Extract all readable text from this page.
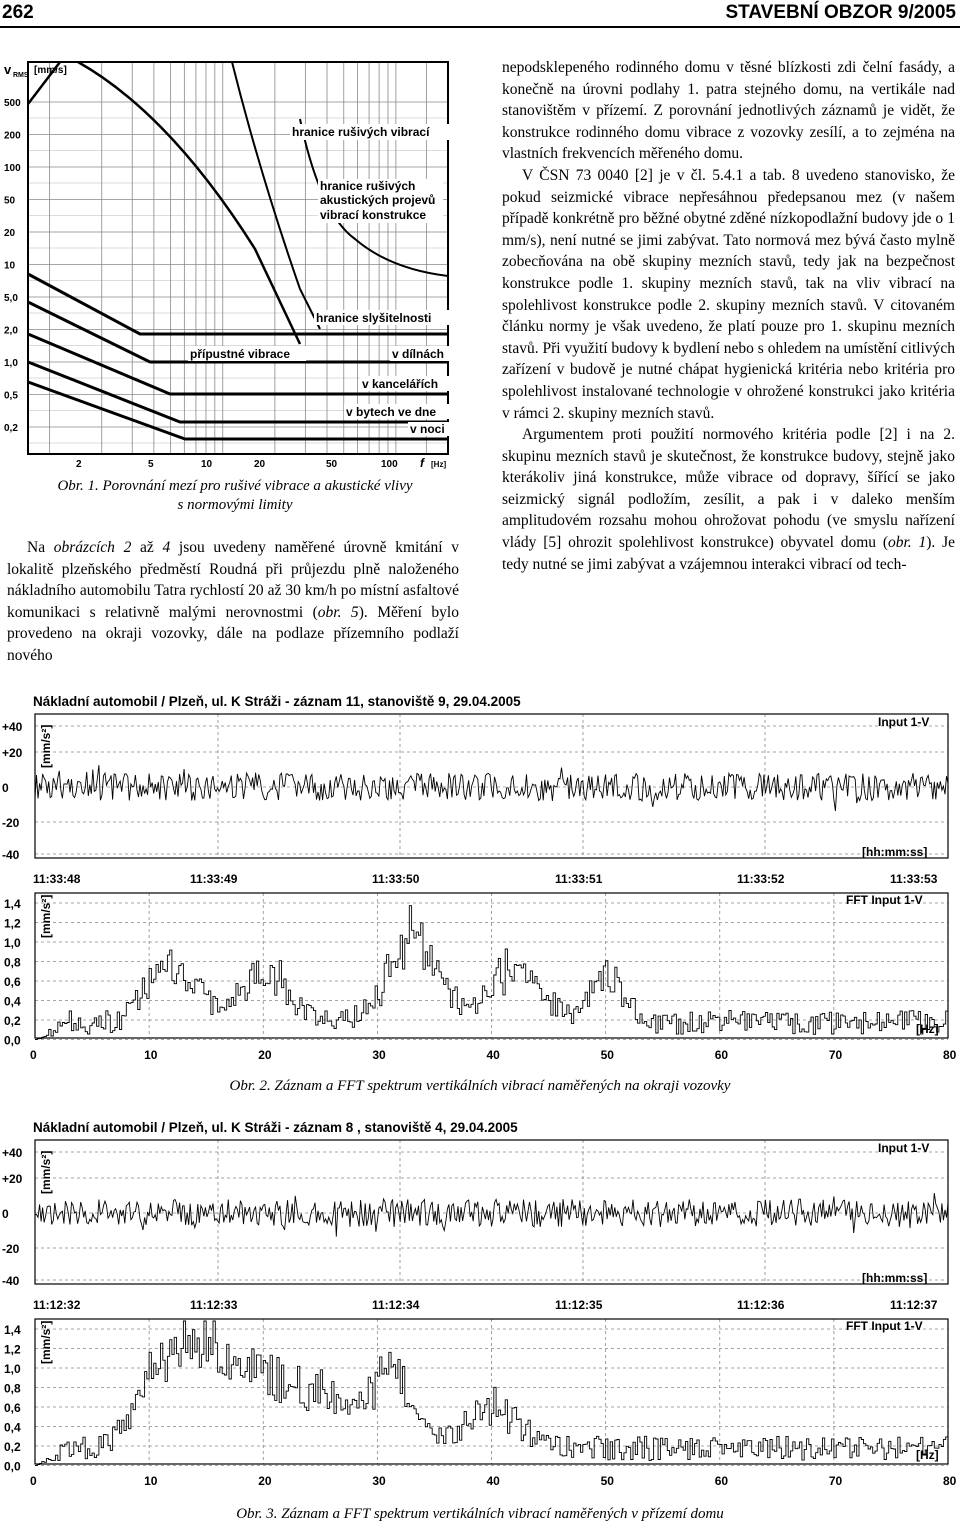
262	STAVEBNÍ OBZOR 9/2005
500
200
100
50
20
10
5,0
2,0
1,0
0,5
0,2
2	5	10	20	50	100
v RMS [mm/s]
f [Hz]
hranice rušivých vibrací
hranice rušivých
akustických projevů
vibrací konstrukce
hranice slyšitelnosti
přípustné vibrace	v dílnách
v kancelářích
v bytech ve dne
v noci
Obr. 1. Porovnání mezí pro rušivé vibrace a akustické vlivy
s normovými limity

Na obrázcích 2 až 4 jsou uvedeny naměřené úrovně kmitání v lokalitě plzeňského předměstí Roudná při průjezdu plně naloženého nákladního automobilu Tatra rychlostí 20 až 30 km/h po místní asfaltové komunikaci s relativně malými nerovnostmi (obr. 5). Měření bylo provedeno na okraji vozovky, dále na podlaze přízemního podlaží nového

nepodsklepeného rodinného domu v těsné blízkosti zdi čelní fasády, a konečně na úrovni podlahy 1. patra stejného domu, na vertikále nad stanovištěm v přízemí. Z porovnání jednotlivých záznamů je vidět, že konstrukce rodinného domu vibrace z vozovky zesílí, a to zejména na vlastních frekvencích měřeného domu.

V ČSN 73 0040 [2] je v čl. 5.4.1 a tab. 8 uvedeno stanovisko, že pokud seizmické vibrace nepřesáhnou předepsanou mez (v našem případě konkrétně pro běžné obytné zděné nízkopodlažní budovy jde o 1 mm/s), není nutné se jimi zabývat. Tato normová mez bývá často mylně zobecňována na obě skupiny mezních stavů, tedy jak na bezpečnost konstrukce podle 1. skupiny mezních stavů, tak na vliv vibrací na spolehlivost konstrukce podle 2. skupiny mezních stavů. V citovaném článku normy je však uvedeno, že platí pouze pro 1. skupinu mezních stavů. Při využití budovy k bydlení nebo s ohledem na umístění citlivých zařízení v budově je nutné chápat hygienická kritéria nebo kritéria pro spolehlivost instalované technologie v ohrožené konstrukci jako kritéria v rámci 2. skupiny mezních stavů.

Argumentem proti použití normového kritéria podle [2] i na 2. skupinu mezních stavů je skutečnost, že konstrukce budovy, stejně jako kterákoliv jiná konstrukce, může vibrace od dopravy, šířící se jako seizmický signál podložím, zesílit, a pak i v daleko menším amplitudovém rozsahu mohou ohrožovat pohodu (ve smyslu nařízení vlády [5] ohrozit spolehlivost konstrukce) obyvatel domu (obr. 1). Je tedy nutné se jimi zabývat a vzájemnou interakci vibrací od tech-

Nákladní automobil / Plzeň, ul. K Stráži - záznam 11, stanoviště 9, 29.04.2005
+40
+20
0
-20
-40
11:33:48	11:33:49	11:33:50	11:33:51	11:33:52	11:33:53
[mm/s²]
Input 1-V
[hh:mm:ss]
1,4
1,2
1,0
0,8
0,6
0,4
0,2
0,0
0	10	20	30	40	50	60	70	80
[mm/s²]	FFT Input 1-V
[Hz]
Obr. 2. Záznam a FFT spektrum vertikálních vibrací naměřených na okraji vozovky
Nákladní automobil / Plzeň, ul. K Stráži - záznam 8 , stanoviště 4, 29.04.2005
+40
+20
0
-20
-40
11:12:32	11:12:33	11:12:34	11:12:35	11:12:36	11:12:37
[mm/s²]
Input 1-V
[hh:mm:ss]
1,4
1,2
1,0
0,8
0,6
0,4
0,2
0,0
0	10	20	30	40	50	60	70	80
[mm/s²]	FFT Input 1-V
[Hz]
Obr. 3. Záznam a FFT spektrum vertikálních vibrací naměřených v přízemí domu
